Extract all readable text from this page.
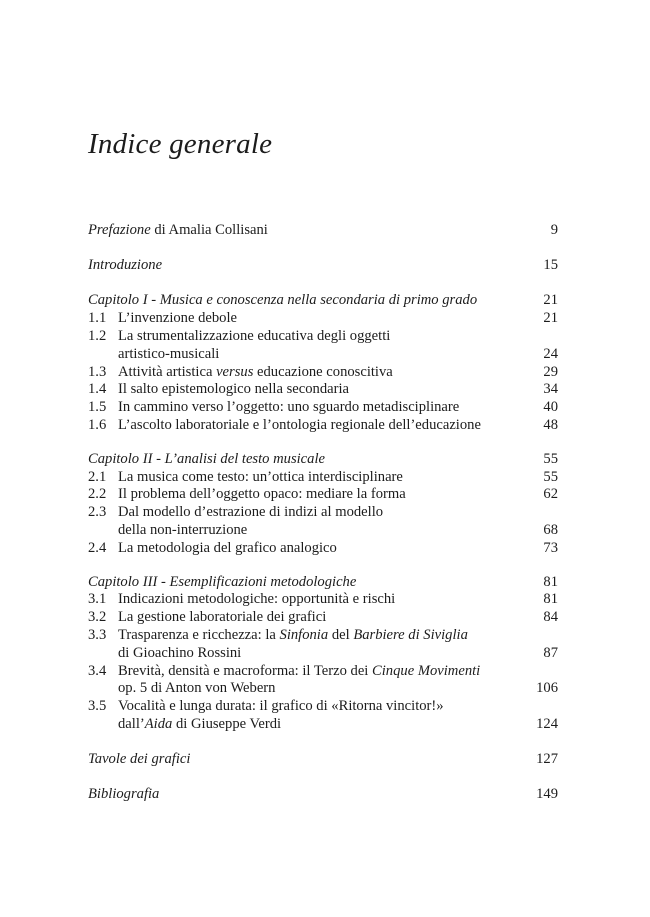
Indice generale
Prefazione di Amalia Collisani	9
Introduzione	15
Capitolo I - Musica e conoscenza nella secondaria di primo grado	21
1.1 L’invenzione debole	21
1.2 La strumentalizzazione educativa degli oggetti
artistico-musicali	24
1.3 Attività artistica versus educazione conoscitiva	29
1.4 Il salto epistemologico nella secondaria	34
1.5 In cammino verso l’oggetto: uno sguardo metadisciplinare	40
1.6 L’ascolto laboratoriale e l’ontologia regionale dell’educazione	48
Capitolo II - L’analisi del testo musicale	55
2.1 La musica come testo: un’ottica interdisciplinare	55
2.2 Il problema dell’oggetto opaco: mediare la forma	62
2.3 Dal modello d’estrazione di indizi al modello
della non-interruzione	68
2.4 La metodologia del grafico analogico	73
Capitolo III - Esemplificazioni metodologiche	81
3.1 Indicazioni metodologiche: opportunità e rischi	81
3.2 La gestione laboratoriale dei grafici	84
3.3 Trasparenza e ricchezza: la Sinfonia del Barbiere di Siviglia
di Gioachino Rossini	87
3.4 Brevità, densità e macroforma: il Terzo dei Cinque Movimenti
op. 5 di Anton von Webern	106
3.5 Vocalità e lunga durata: il grafico di «Ritorna vincitor!»
dall’Aida di Giuseppe Verdi	124
Tavole dei grafici	127
Bibliografia	149
